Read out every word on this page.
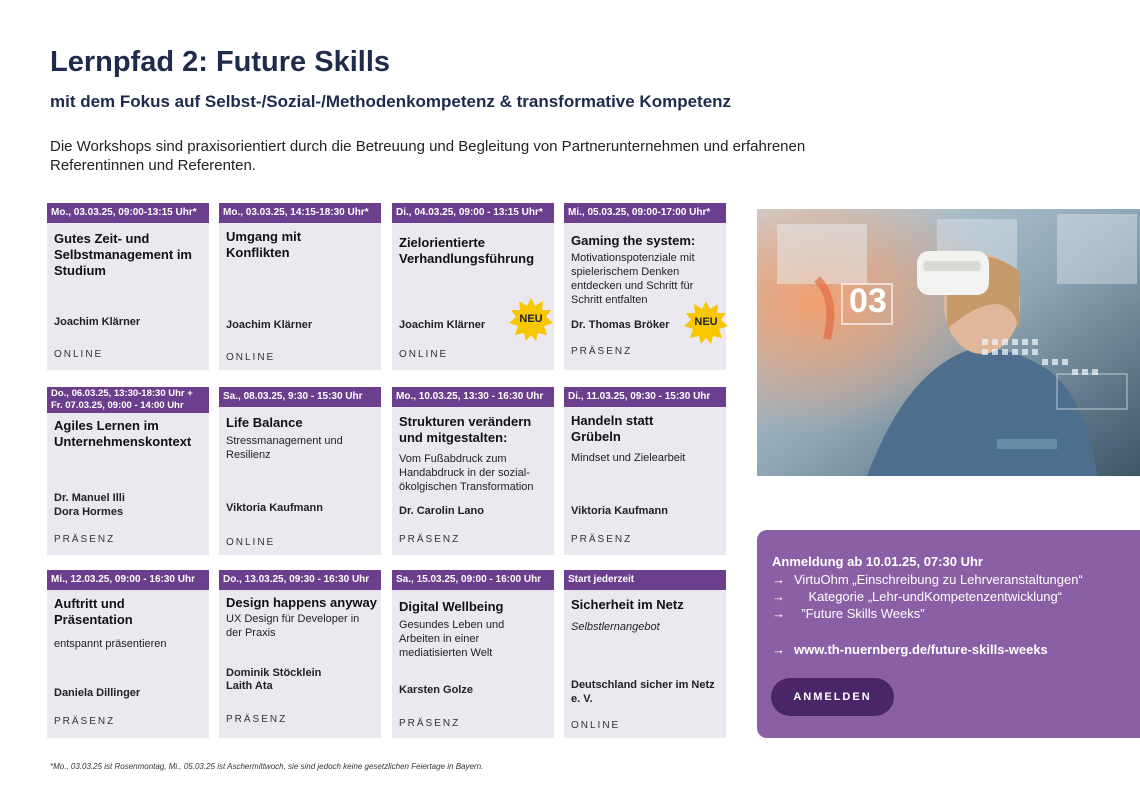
Lernpfad 2: Future Skills
mit dem Fokus auf Selbst-/Sozial-/Methodenkompetenz & transformative Kompetenz

Die Workshops sind praxisorientiert durch die Betreuung und Begleitung von Partnerunternehmen und erfahrenen Referentinnen und Referenten.

Mo., 03.03.25, 09:00-13:15 Uhr*
Gutes Zeit- und Selbstmanagement im Studium
Joachim Klärner
ONLINE
Mo., 03.03.25, 14:15-18:30 Uhr*
Umgang mit Konflikten
Joachim Klärner
ONLINE
Di., 04.03.25, 09:00 - 13:15 Uhr*
Zielorientierte Verhandlungsführung
Joachim Klärner
ONLINE
NEU
Mi., 05.03.25, 09:00-17:00 Uhr*
Gaming the system:
Motivationspotenziale mit spielerischem Denken entdecken und Schritt für Schritt entfalten
Dr. Thomas Bröker
PRÄSENZ
NEU
Do., 06.03.25, 13:30-18:30 Uhr +
Fr. 07.03.25, 09:00 - 14:00 Uhr
Agiles Lernen im Unternehmenskontext
Dr. Manuel Illi
Dora Hormes
PRÄSENZ
Sa., 08.03.25, 9:30 - 15:30 Uhr
Life Balance
Stressmanagement und Resilienz
Viktoria Kaufmann
ONLINE
Mo., 10.03.25, 13:30 - 16:30 Uhr
Strukturen verändern und mitgestalten:
Vom Fußabdruck zum Handabdruck in der sozial-ökolgischen Transformation
Dr. Carolin Lano
PRÄSENZ
Di., 11.03.25, 09:30 - 15:30 Uhr
Handeln statt Grübeln
Mindset und Zielearbeit
Viktoria Kaufmann
PRÄSENZ
Mi., 12.03.25, 09:00 - 16:30 Uhr
Auftritt und Präsentation
entspannt präsentieren
Daniela Dillinger
PRÄSENZ
Do., 13.03.25, 09:30 - 16:30 Uhr
Design happens anyway
UX Design für Developer in der Praxis
Dominik Stöcklein
Laith Ata
PRÄSENZ
Sa., 15.03.25, 09:00 - 16:00 Uhr
Digital Wellbeing
Gesundes Leben und Arbeiten in einer mediatisierten Welt
Karsten Golze
PRÄSENZ
Start jederzeit
Sicherheit im Netz
Selbstlernangebot
Deutschland sicher im Netz e. V.
ONLINE
03
Anmeldung ab 10.01.25, 07:30 Uhr
→ VirtuOhm „Einschreibung zu Lehrveranstaltungen“
→ Kategorie „Lehr-undKompetenzentwicklung“
→ ”Future Skills Weeks”
→ www.th-nuernberg.de/future-skills-weeks
ANMELDEN
*Mo., 03.03.25 ist Rosenmontag, Mi., 05.03.25 ist Aschermittwoch, sie sind jedoch keine gesetzlichen Feiertage in Bayern.
